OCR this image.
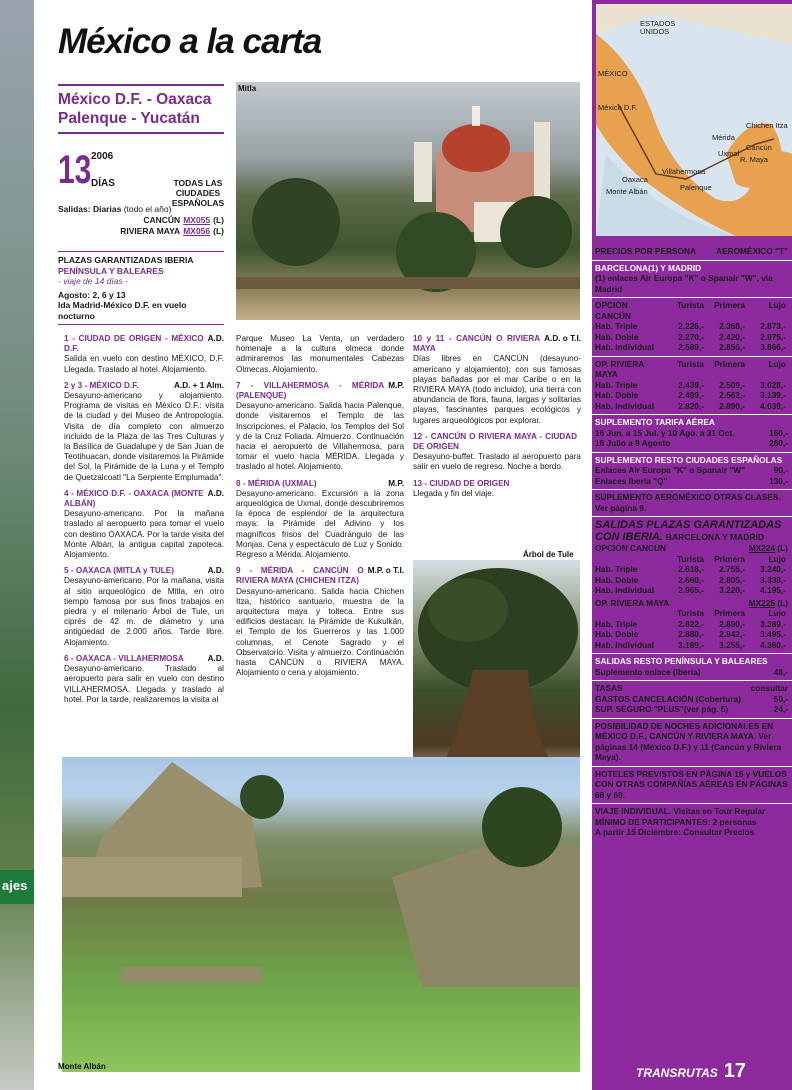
ajes
México a la carta
México D.F. - Oaxaca
Palenque - Yucatán
13 2006
DÍAS	TODAS LAS CIUDADES ESPAÑOLAS
Salidas: Diarias (todo el año)
CANCÚN MX055 (L)
RIVIERA MAYA MX056 (L)
PLAZAS GARANTIZADAS IBERIA
PENÍNSULA Y BALEARES
- viaje de 14 días -
Agosto: 2, 6 y 13
Ida Madrid-México D.F. en vuelo nocturno
Mitla
1 - CIUDAD DE ORIGEN - MÉXICO D.F.
A.D.
Salida en vuelo con destino MÉXICO, D.F. Llegada. Traslado al hotel. Alojamiento.
2 y 3 - MÉXICO D.F.	A.D. + 1 Alm.
Desayuno-americano y alojamiento. Programa de visitas en México D.F.: visita de la ciudad y del Museo de Antropología. Visita de día completo con almuerzo incluido de la Plaza de las Tres Culturas y la Basílica de Guadalupe y de San Juan de Teotihuacan, donde visitaremos la Pirámide del Sol, la Pirámide de la Luna y el Templo de Quetzalcoatl "La Serpiente Emplumada".
4 - MÉXICO D.F. - OAXACA (MONTE ALBÁN)
A.D.
Desayuno-americano. Por la mañana traslado al aeropuerto para tomar el vuelo con destino OAXACA. Por la tarde visita del Monte Albán, la antigua capital zapoteca. Alojamiento.
5 - OAXACA (MITLA y TULE)	A.D.
Desayuno-americano. Por la mañana, visita al sitio arqueológico de Mitla, en otro tiempo famosa por sus finos trabajos en piedra y el milenario Árbol de Tule, un ciprés de 42 m. de diámetro y una antigüedad de 2.000 años. Tarde libre. Alojamiento.
6 - OAXACA - VILLAHERMOSA	A.D.
Desayuno-americano. Traslado al aeropuerto para salir en vuelo con destino VILLAHERMOSA. Llegada y traslado al hotel. Por la tarde, realizaremos la visita al
Parque Museo La Venta, un verdadero homenaje a la cultura olmeca donde admiraremos las monumentales Cabezas Olmecas. Alojamiento.
7 - VILLAHERMOSA - MÉRIDA (PALENQUE)
M.P.
Desayuno-americano. Salida hacia Palenque, donde visitaremos el Templo de las Inscripciones, el Palacio, los Templos del Sol y de la Cruz Foliada. Almuerzo. Continuación hacia el aeropuerto de Villahermosa, para tomar el vuelo hacia MÉRIDA. Llegada y traslado al hotel. Alojamiento.
8 - MÉRIDA (UXMAL)	M.P.
Desayuno-americano. Excursión a la zona arqueológica de Uxmal, donde descubriremos la época de esplendor de la arquitectura maya: la Pirámide del Adivino y los magníficos frisos del Cuadrángulo de las Monjas. Cena y espectáculo de Luz y Sonido. Regreso a Mérida. Alojamiento.
9 - MÉRIDA - CANCÚN O RIVIERA MAYA (CHICHEN ITZA)
M.P. o T.I.
Desayuno-americano. Salida hacia Chichen Itza, histórico santuario, muestra de la arquitectura maya y tolteca. Entre sus edificios destacan: la Pirámide de Kukulkán, el Templo de los Guerreros y las 1.000 columnas, el Cenote Sagrado y el Observatorio. Visita y almuerzo. Continuación hasta CANCÚN o RIVIERA MAYA. Alojamiento o cena y alojamiento.
10 y 11 - CANCÚN O RIVIERA MAYA
A.D. o T.I.
Días libres en CANCÚN (desayuno-americano y alojamiento), con sus famosas playas bañadas por el mar Caribe o en la RIVIERA MAYA (todo incluido), una tierra con abundancia de flora, fauna, largas y solitarias playas, fascinantes parques ecológicos y lugares arqueológicos por explorar.
12 - CANCÚN O RIVIERA MAYA - CIUDAD DE ORIGEN
Desayuno-buffet. Traslado al aeropuerto para salir en vuelo de regreso. Noche a bordo.
13 - CIUDAD DE ORIGEN
Llegada y fin del viaje.
Árbol de Tule
Monte Albán
ESTADOS UNIDOS
MÉXICO
México D.F.
Chichen Itza
Mérida
Cancún
Uxmal
R. Maya
Oaxaca
Villahermosa
Palenque
Monte Albán
PRECIOS POR PERSONA AEROMÉXICO "T"
BARCELONA(1) Y MADRID
(1) enlaces Air Europa "K" o Spanair "W", vía Madrid
OPCIÓN CANCÚN
Turista	Primera	Lujo
Hab. Triple	2.226,-	2.368,-	2.873,-
Hab. Doble	2.270,-	2.420,-	2.975,-
Hab. Individual	2.589,-	2.856,-	3.866,-
OP. RIVIERA MAYA
Turista	Primera	Lujo
Hab. Triple	2.439,-	2.509,-	3.028,-
Hab. Doble	2.499,-	2.562,-	3.139,-
Hab. Individual	2.820,-	2.890,-	4.039,-
SUPLEMENTO TARIFA AÉREA
16 Jun. a 15 Jul. y 10 Ago. a 31 Oct.	160,-
16 Julio a 9 Agosto	260,-
SUPLEMENTO RESTO CIUDADES ESPAÑOLAS
Enlaces Air Europa "K" o Spanair "W"	90,-
Enlaces Iberia "Q"	130,-
SUPLEMENTO AEROMÉXICO OTRAS CLASES. Ver página 9.
SALIDAS PLAZAS GARANTIZADAS CON IBERIA. BARCELONA Y MADRID
OPCIÓN CANCUN	MX224 (L)
Turista	Primera	Lujo
Hab. Triple	2.618,-	2.755,-	3.240,-
Hab. Doble	2.660,-	2.805,-	3.338,-
Hab. Individual	2.965,-	3.220,-	4.195,-
OP. RIVIERA MAYA	MX225 (L)
Turista	Primera	Lujo
Hab. Triple	2.822,-	2.890,-	3.389,-
Hab. Doble	2.880,-	2.942,-	3.495,-
Hab. Individual	3.189,-	3.255,-	4.360,-
SALIDAS RESTO PENÍNSULA Y BALEARES
Suplemento enlace (Iberia)	48,-
TASAS	consultar
GASTOS CANCELACIÓN (Cobertura)	50,-
SUP. SEGURO "PLUS"(ver pág. 5)	24,-
POSIBILIDAD DE NOCHES ADICIONALES EN MÉXICO D.F., CANCÚN Y RIVIERA MAYA. Ver páginas 14 (México D.F.) y 11 (Cancún y Riviera Maya).
HOTELES PREVISTOS EN PÁGINA 15 y VUELOS CON OTRAS COMPAÑÍAS AÉREAS EN PÁGINAS 68 y 69.
VIAJE INDIVIDUAL. Visitas en Tour Regular
MÍNIMO DE PARTICIPANTES: 2 personas
A partir 15 Diciembre: Consultar Precios
TRANSRUTAS 17
